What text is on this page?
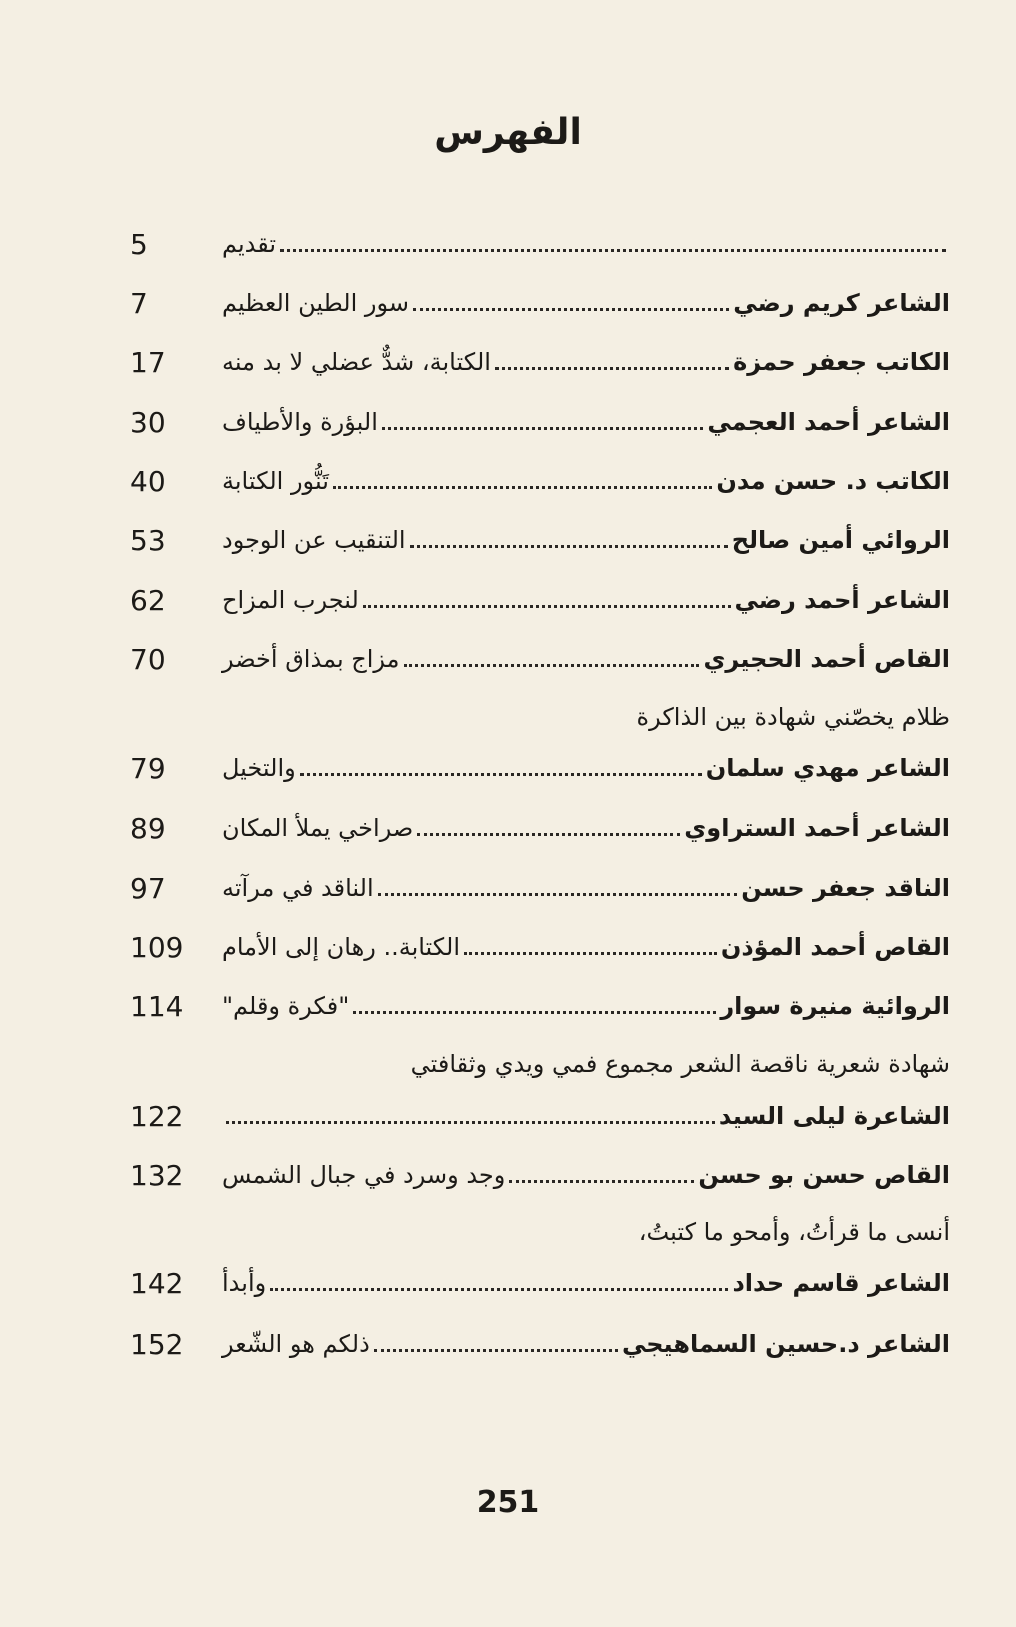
الفهرس
5	تقديم
7	سور الطين العظيم	الشاعر كريم رضي
17	الكتابة، شدٌّ عضلي لا بد منه	الكاتب جعفر حمزة
30	البؤرة والأطياف	الشاعر أحمد العجمي
40	تَنُّور الكتابة	الكاتب د. حسن مدن
53	التنقيب عن الوجود	الروائي أمين صالح
62	لنجرب المزاح	الشاعر أحمد رضي
70	مزاج بمذاق أخضر	القاص أحمد الحجيري
ظلام يخصّني شهادة بين الذاكرة
79	والتخيل	الشاعر مهدي سلمان
89	صراخي يملأ المكان	الشاعر أحمد الستراوي
97	الناقد في مرآته	الناقد جعفر حسن
109	الكتابة.. رهان إلى الأمام	القاص أحمد المؤذن
114	"فكرة وقلم"	الروائية منيرة سوار
شهادة شعرية ناقصة الشعر مجموع فمي ويدي وثقافتي
122	الشاعرة ليلى السيد
132	وجد وسرد في جبال الشمس	القاص حسن بو حسن
أنسى ما قرأتُ، وأمحو ما كتبتُ،
142	وأبدأ	الشاعر قاسم حداد
152	ذلكم هو الشّعر	الشاعر د.حسين السماهيجي
251
